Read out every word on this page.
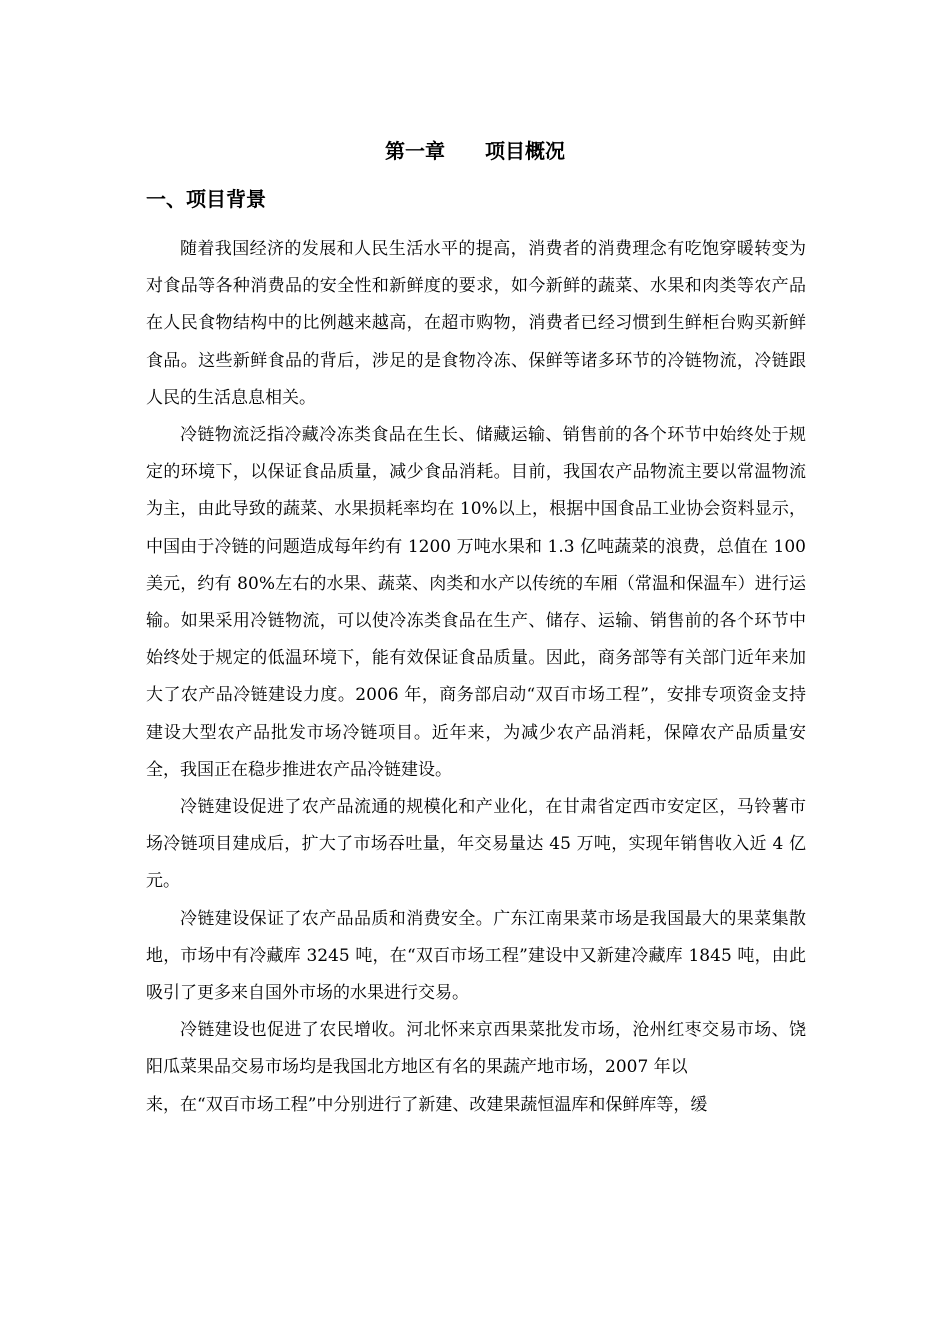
第一章　　项目概况
一、项目背景

随着我国经济的发展和人民生活水平的提高，消费者的消费理念有吃饱穿暖转变为对食品等各种消费品的安全性和新鲜度的要求，如今新鲜的蔬菜、水果和肉类等农产品在人民食物结构中的比例越来越高，在超市购物，消费者已经习惯到生鲜柜台购买新鲜食品。这些新鲜食品的背后，涉足的是食物冷冻、保鲜等诸多环节的冷链物流，冷链跟人民的生活息息相关。

冷链物流泛指冷藏冷冻类食品在生长、储藏运输、销售前的各个环节中始终处于规定的环境下，以保证食品质量，减少食品消耗。目前，我国农产品物流主要以常温物流为主，由此导致的蔬菜、水果损耗率均在 10%以上，根据中国食品工业协会资料显示，中国由于冷链的问题造成每年约有 1200 万吨水果和 1.3 亿吨蔬菜的浪费，总值在 100 美元，约有 80%左右的水果、蔬菜、肉类和水产以传统的车厢（常温和保温车）进行运输。如果采用冷链物流，可以使冷冻类食品在生产、储存、运输、销售前的各个环节中始终处于规定的低温环境下，能有效保证食品质量。因此，商务部等有关部门近年来加大了农产品冷链建设力度。2006 年，商务部启动“双百市场工程”，安排专项资金支持建设大型农产品批发市场冷链项目。近年来，为减少农产品消耗，保障农产品质量安全，我国正在稳步推进农产品冷链建设。

冷链建设促进了农产品流通的规模化和产业化，在甘肃省定西市安定区，马铃薯市场冷链项目建成后，扩大了市场吞吐量，年交易量达 45 万吨，实现年销售收入近 4 亿元。

冷链建设保证了农产品品质和消费安全。广东江南果菜市场是我国最大的果菜集散地，市场中有冷藏库 3245 吨，在“双百市场工程”建设中又新建冷藏库 1845 吨，由此吸引了更多来自国外市场的水果进行交易。

冷链建设也促进了农民增收。河北怀来京西果菜批发市场，沧州红枣交易市场、饶阳瓜菜果品交易市场均是我国北方地区有名的果蔬产地市场，2007 年以

来，在“双百市场工程”中分别进行了新建、改建果蔬恒温库和保鲜库等，缓
